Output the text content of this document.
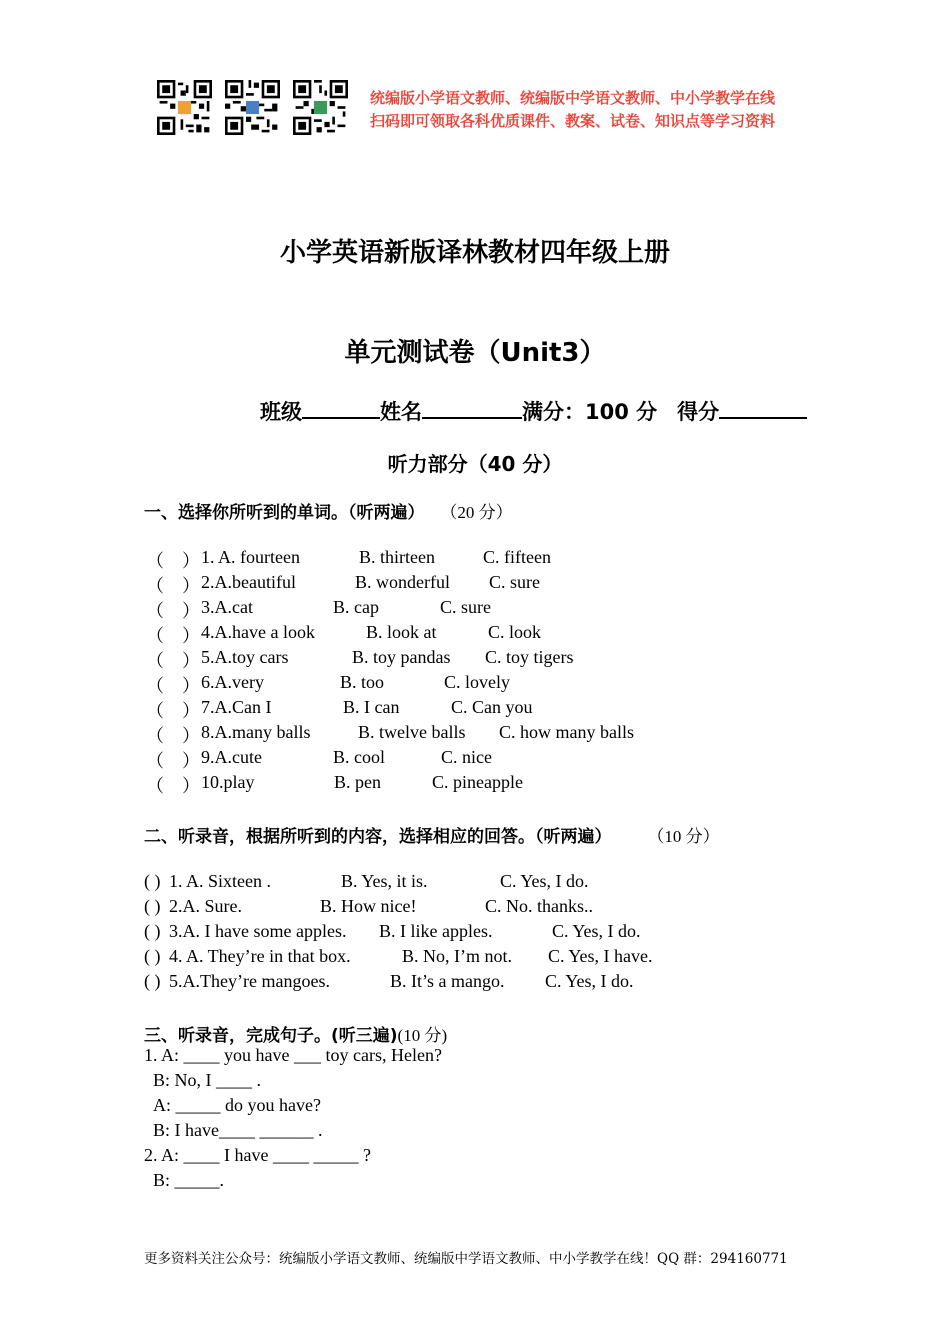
统编版小学语文教师、统编版中学语文教师、中小学教学在线
扫码即可领取各科优质课件、教案、试卷、知识点等学习资料
小学英语新版译林教材四年级上册
单元测试卷（Unit3）
班级	姓名	满分：100 分 得分
听力部分（40 分）
一、选择你所听到的单词。（听两遍） （20 分）
（　） 1. A. fourteen	B. thirteen	C. fifteen
（　） 2.A.beautiful	B. wonderful C. sure
（　） 3.A.cat	B. cap	C. sure
（　） 4.A.have a look	B. look at	C. look
（　） 5.A.toy cars	B. toy pandas C. toy tigers
（　） 6.A.very	B. too	C. lovely
（　） 7.A.Can I	B. I can	C. Can you
（　） 8.A.many balls	B. twelve balls C. how many balls
（　） 9.A.cute	B. cool	C. nice
（　） 10.play	B. pen	C. pineapple
二、听录音，根据所听到的内容，选择相应的回答。（听两遍） （10 分）
( ) 1. A. Sixteen .	B. Yes, it is.	C. Yes, I do.
( ) 2.A. Sure.	B. How nice!	C. No. thanks..
( ) 3.A. I have some apples. B. I like apples.	C. Yes, I do.
( ) 4. A. They’re in that box.	B. No, I’m not. C. Yes, I have.
( ) 5.A.They’re mangoes.	B. It’s a mango. C. Yes, I do.
三、听录音，完成句子。(听三遍)(10 分)
1. A: ____ you have ___ toy cars, Helen?
B: No, I ____ .
A: _____ do you have?
B: I have____ ______ .
2. A: ____ I have ____ _____ ?
B: _____.
更多资料关注公众号：统编版小学语文教师、统编版中学语文教师、中小学教学在线！QQ 群：294160771
